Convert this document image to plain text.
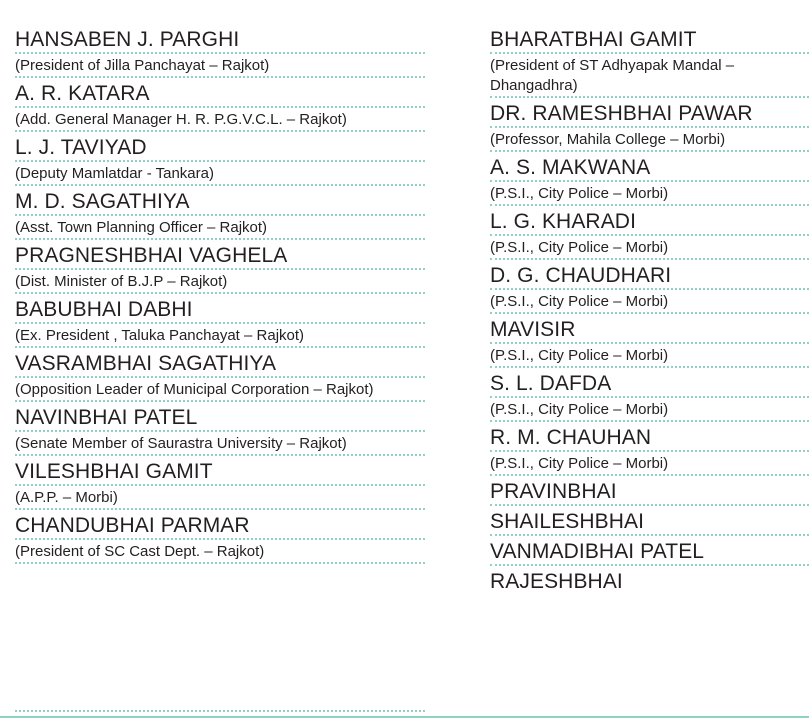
HANSABEN J. PARGHI
(President of Jilla Panchayat – Rajkot)
A. R. KATARA
(Add. General Manager H. R. P.G.V.C.L. – Rajkot)
L. J. TAVIYAD
(Deputy Mamlatdar - Tankara)
M. D. SAGATHIYA
(Asst. Town Planning Officer – Rajkot)
PRAGNESHBHAI VAGHELA
(Dist. Minister of B.J.P – Rajkot)
BABUBHAI DABHI
(Ex. President , Taluka Panchayat – Rajkot)
VASRAMBHAI SAGATHIYA
(Opposition Leader of Municipal Corporation – Rajkot)
NAVINBHAI PATEL
(Senate Member of Saurastra University – Rajkot)
VILESHBHAI GAMIT
(A.P.P. – Morbi)
CHANDUBHAI PARMAR
(President of SC Cast Dept. – Rajkot)
BHARATBHAI GAMIT
(President of ST Adhyapak Mandal – Dhangadhra)
DR. RAMESHBHAI PAWAR
(Professor, Mahila College – Morbi)
A. S. MAKWANA
(P.S.I., City Police – Morbi)
L. G. KHARADI
(P.S.I., City Police – Morbi)
D. G. CHAUDHARI
(P.S.I., City Police – Morbi)
MAVISIR
(P.S.I., City Police – Morbi)
S. L. DAFDA
(P.S.I., City Police – Morbi)
R. M. CHAUHAN
(P.S.I., City Police – Morbi)
PRAVINBHAI
SHAILESHBHAI
VANMADIBHAI PATEL
RAJESHBHAI
